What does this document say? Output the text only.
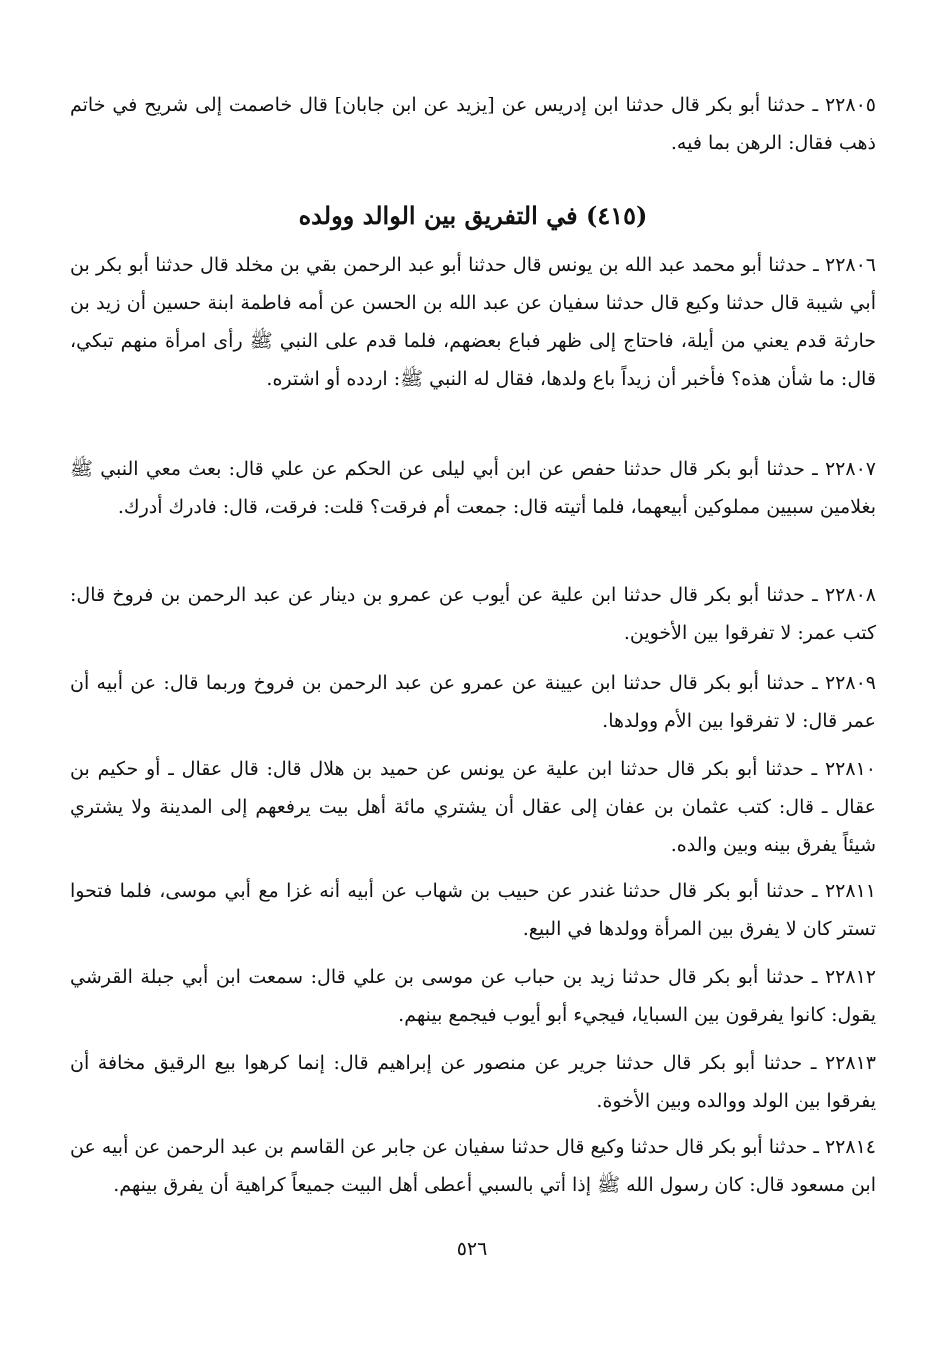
٢٢٨٠٥ ـ حدثنا أبو بكر قال حدثنا ابن إدريس عن [يزيد عن ابن جابان] قال خاصمت إلى شريح في خاتم ذهب فقال: الرهن بما فيه.

(٤١٥) في التفريق بين الوالد وولده

٢٢٨٠٦ ـ حدثنا أبو محمد عبد الله بن يونس قال حدثنا أبو عبد الرحمن بقي بن مخلد قال حدثنا أبو بكر بن أبي شيبة قال حدثنا وكيع قال حدثنا سفيان عن عبد الله بن الحسن عن أمه فاطمة ابنة حسين أن زيد بن حارثة قدم يعني من أيلة، فاحتاج إلى ظهر فباع بعضهم، فلما قدم على النبي ﷺ رأى امرأة منهم تبكي، قال: ما شأن هذه؟ فأخبر أن زيداً باع ولدها، فقال له النبي ﷺ: اردده أو اشتره.

٢٢٨٠٧ ـ حدثنا أبو بكر قال حدثنا حفص عن ابن أبي ليلى عن الحكم عن علي قال: بعث معي النبي ﷺ بغلامين سبيين مملوكين أبيعهما، فلما أتيته قال: جمعت أم فرقت؟ قلت: فرقت، قال: فادرك أدرك.

٢٢٨٠٨ ـ حدثنا أبو بكر قال حدثنا ابن علية عن أيوب عن عمرو بن دينار عن عبد الرحمن بن فروخ قال: كتب عمر: لا تفرقوا بين الأخوين.

٢٢٨٠٩ ـ حدثنا أبو بكر قال حدثنا ابن عيينة عن عمرو عن عبد الرحمن بن فروخ وربما قال: عن أبيه أن عمر قال: لا تفرقوا بين الأم وولدها.

٢٢٨١٠ ـ حدثنا أبو بكر قال حدثنا ابن علية عن يونس عن حميد بن هلال قال: قال عقال ـ أو حكيم بن عقال ـ قال: كتب عثمان بن عفان إلى عقال أن يشتري مائة أهل بيت يرفعهم إلى المدينة ولا يشتري شيئاً يفرق بينه وبين والده.

٢٢٨١١ ـ حدثنا أبو بكر قال حدثنا غندر عن حبيب بن شهاب عن أبيه أنه غزا مع أبي موسى، فلما فتحوا تستر كان لا يفرق بين المرأة وولدها في البيع.

٢٢٨١٢ ـ حدثنا أبو بكر قال حدثنا زيد بن حباب عن موسى بن علي قال: سمعت ابن أبي جبلة القرشي يقول: كانوا يفرقون بين السبايا، فيجيء أبو أيوب فيجمع بينهم.

٢٢٨١٣ ـ حدثنا أبو بكر قال حدثنا جرير عن منصور عن إبراهيم قال: إنما كرهوا بيع الرقيق مخافة أن يفرقوا بين الولد ووالده وبين الأخوة.

٢٢٨١٤ ـ حدثنا أبو بكر قال حدثنا وكيع قال حدثنا سفيان عن جابر عن القاسم بن عبد الرحمن عن أبيه عن ابن مسعود قال: كان رسول الله ﷺ إذا أتي بالسبي أعطى أهل البيت جميعاً كراهية أن يفرق بينهم.

٥٢٦
